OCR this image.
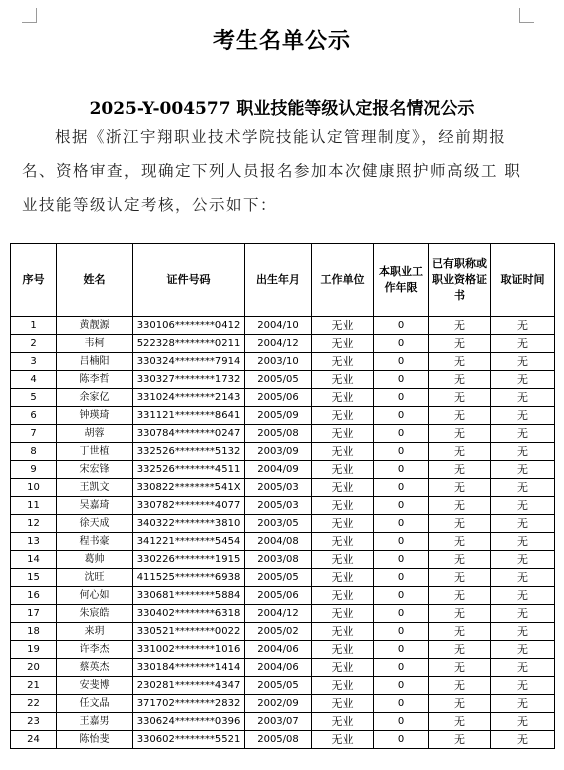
考生名单公示
2025-Y-004577 职业技能等级认定报名情况公示

根据《浙江宇翔职业技术学院技能认定管理制度》，经前期报名、资格审查，现确定下列人员报名参加本次健康照护师高级工 职业技能等级认定考核，公示如下：

序号	姓名	证件号码	出生年月	工作单位	本职业工作年限	已有职称或职业资格证书	取证时间
1	黄靓源	330106********0412	2004/10	无业	0	无	无
2	韦柯	522328********0211	2004/12	无业	0	无	无
3	吕楠阳	330324********7914	2003/10	无业	0	无	无
4	陈李哲	330327********1732	2005/05	无业	0	无	无
5	余家亿	331024********2143	2005/06	无业	0	无	无
6	钟瑛琦	331121********8641	2005/09	无业	0	无	无
7	胡蓉	330784********0247	2005/08	无业	0	无	无
8	丁世植	332526********5132	2003/09	无业	0	无	无
9	宋宏锋	332526********4511	2004/09	无业	0	无	无
10	王凯文	330822********541X	2005/03	无业	0	无	无
11	吴嘉琦	330782********4077	2005/03	无业	0	无	无
12	徐天成	340322********3810	2003/05	无业	0	无	无
13	程书豪	341221********5454	2004/08	无业	0	无	无
14	葛帅	330226********1915	2003/08	无业	0	无	无
15	沈旺	411525********6938	2005/05	无业	0	无	无
16	何心如	330681********5884	2005/06	无业	0	无	无
17	朱宸皓	330402********6318	2004/12	无业	0	无	无
18	来玥	330521********0022	2005/02	无业	0	无	无
19	许李杰	331002********1016	2004/06	无业	0	无	无
20	蔡英杰	330184********1414	2004/06	无业	0	无	无
21	安斐博	230281********4347	2005/05	无业	0	无	无
22	任文晶	371702********2832	2002/09	无业	0	无	无
23	王嘉男	330624********0396	2003/07	无业	0	无	无
24	陈怡斐	330602********5521	2005/08	无业	0	无	无
